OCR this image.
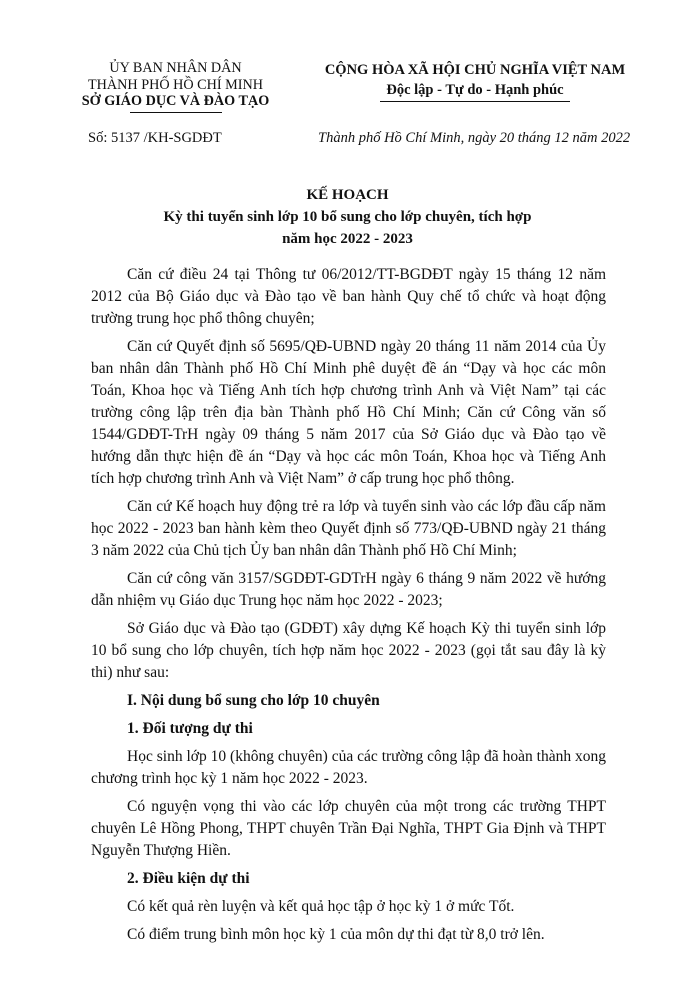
ỦY BAN NHÂN DÂN
THÀNH PHỐ HỒ CHÍ MINH
SỞ GIÁO DỤC VÀ ĐÀO TẠO
CỘNG HÒA XÃ HỘI CHỦ NGHĨA VIỆT NAM
Độc lập - Tự do - Hạnh phúc
Số: 5137 /KH-SGDĐT	Thành phố Hồ Chí Minh, ngày 20 tháng 12 năm 2022
KẾ HOẠCH
Kỳ thi tuyển sinh lớp 10 bổ sung cho lớp chuyên, tích hợp
năm học 2022 - 2023

Căn cứ điều 24 tại Thông tư 06/2012/TT-BGDĐT ngày 15 tháng 12 năm 2012 của Bộ Giáo dục và Đào tạo về ban hành Quy chế tổ chức và hoạt động trường trung học phổ thông chuyên;

Căn cứ Quyết định số 5695/QĐ-UBND ngày 20 tháng 11 năm 2014 của Ủy ban nhân dân Thành phố Hồ Chí Minh phê duyệt đề án “Dạy và học các môn Toán, Khoa học và Tiếng Anh tích hợp chương trình Anh và Việt Nam” tại các trường công lập trên địa bàn Thành phố Hồ Chí Minh; Căn cứ Công văn số 1544/GDĐT-TrH ngày 09 tháng 5 năm 2017 của Sở Giáo dục và Đào tạo về hướng dẫn thực hiện đề án “Dạy và học các môn Toán, Khoa học và Tiếng Anh tích hợp chương trình Anh và Việt Nam” ở cấp trung học phổ thông.

Căn cứ Kế hoạch huy động trẻ ra lớp và tuyển sinh vào các lớp đầu cấp năm học 2022 - 2023 ban hành kèm theo Quyết định số 773/QĐ-UBND ngày 21 tháng 3 năm 2022 của Chủ tịch Ủy ban nhân dân Thành phố Hồ Chí Minh;

Căn cứ công văn 3157/SGDĐT-GDTrH ngày 6 tháng 9 năm 2022 về hướng dẫn nhiệm vụ Giáo dục Trung học năm học 2022 - 2023;

Sở Giáo dục và Đào tạo (GDĐT) xây dựng Kế hoạch Kỳ thi tuyển sinh lớp 10 bổ sung cho lớp chuyên, tích hợp năm học 2022 - 2023 (gọi tắt sau đây là kỳ thi) như sau:

I. Nội dung bổ sung cho lớp 10 chuyên
1. Đối tượng dự thi

Học sinh lớp 10 (không chuyên) của các trường công lập đã hoàn thành xong chương trình học kỳ 1 năm học 2022 - 2023.

Có nguyện vọng thi vào các lớp chuyên của một trong các trường THPT chuyên Lê Hồng Phong, THPT chuyên Trần Đại Nghĩa, THPT Gia Định và THPT Nguyễn Thượng Hiền.

2. Điều kiện dự thi

Có kết quả rèn luyện và kết quả học tập ở học kỳ 1 ở mức Tốt.

Có điểm trung bình môn học kỳ 1 của môn dự thi đạt từ 8,0 trở lên.
